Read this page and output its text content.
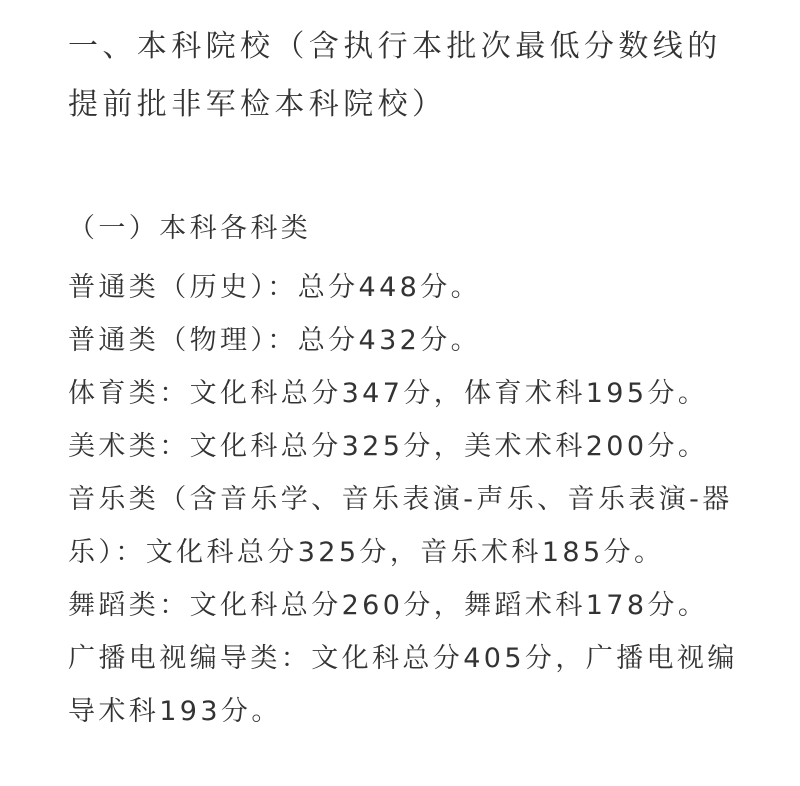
一、本科院校（含执行本批次最低分数线的提前批非军检本科院校）
（一）本科各科类

普通类（历史）：总分448分。

普通类（物理）：总分432分。

体育类：文化科总分347分，体育术科195分。

美术类：文化科总分325分，美术术科200分。

音乐类（含音乐学、音乐表演-声乐、音乐表演-器乐）：文化科总分325分，音乐术科185分。

舞蹈类：文化科总分260分，舞蹈术科178分。

广播电视编导类：文化科总分405分，广播电视编导术科193分。
